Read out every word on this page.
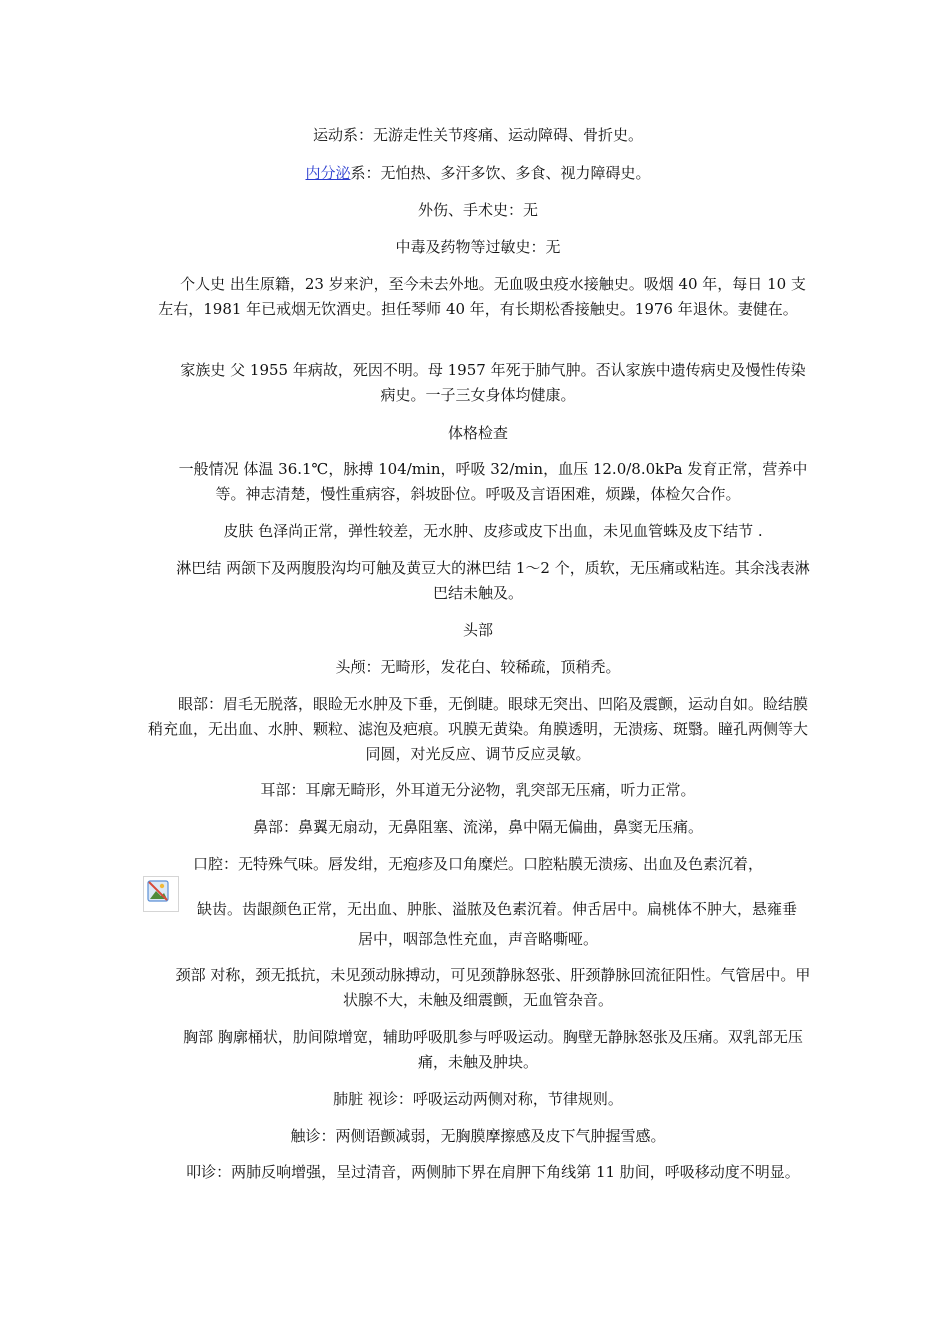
运动系：无游走性关节疼痛、运动障碍、骨折史。

内分泌系：无怕热、多汗多饮、多食、视力障碍史。

外伤、手术史：无

中毒及药物等过敏史：无

个人史 出生原籍，23 岁来沪，至今未去外地。无血吸虫疫水接触史。吸烟 40 年，每日 10 支左右，1981 年已戒烟无饮酒史。担任琴师 40 年，有长期松香接触史。1976 年退休。妻健在。

家族史 父 1955 年病故，死因不明。母 1957 年死于肺气肿。否认家族中遗传病史及慢性传染病史。一子三女身体均健康。

体格检查

一般情况 体温 36.1℃，脉搏 104/min，呼吸 32/min，血压 12.0/8.0kPa 发育正常，营养中等。神志清楚，慢性重病容，斜坡卧位。呼吸及言语困难，烦躁，体检欠合作。

皮肤 色泽尚正常，弹性较差，无水肿、皮疹或皮下出血，未见血管蛛及皮下结节 .

淋巴结 两颌下及两腹股沟均可触及黄豆大的淋巴结 1～2 个，质软，无压痛或粘连。其余浅表淋巴结未触及。

头部

头颅：无畸形，发花白、较稀疏，顶稍秃。

眼部：眉毛无脱落，眼睑无水肿及下垂，无倒睫。眼球无突出、凹陷及震颤，运动自如。睑结膜稍充血，无出血、水肿、颗粒、滤泡及疤痕。巩膜无黄染。角膜透明，无溃疡、斑翳。瞳孔两侧等大同圆，对光反应、调节反应灵敏。

耳部：耳廓无畸形，外耳道无分泌物，乳突部无压痛，听力正常。

鼻部：鼻翼无扇动，无鼻阻塞、流涕，鼻中隔无偏曲，鼻窦无压痛。

口腔：无特殊气味。唇发绀，无疱疹及口角糜烂。口腔粘膜无溃疡、出血及色素沉着，

缺齿。齿龈颜色正常，无出血、肿胀、溢脓及色素沉着。伸舌居中。扁桃体不肿大，悬雍垂

居中，咽部急性充血，声音略嘶哑。

颈部 对称，颈无抵抗，未见颈动脉搏动，可见颈静脉怒张、肝颈静脉回流征阳性。气管居中。甲状腺不大，未触及细震颤，无血管杂音。

胸部 胸廓桶状，肋间隙增宽，辅助呼吸肌参与呼吸运动。胸壁无静脉怒张及压痛。双乳部无压痛，未触及肿块。

肺脏 视诊：呼吸运动两侧对称，节律规则。

触诊：两侧语颤减弱，无胸膜摩擦感及皮下气肿握雪感。

叩诊：两肺反响增强，呈过清音，两侧肺下界在肩胛下角线第 11 肋间，呼吸移动度不明显。
